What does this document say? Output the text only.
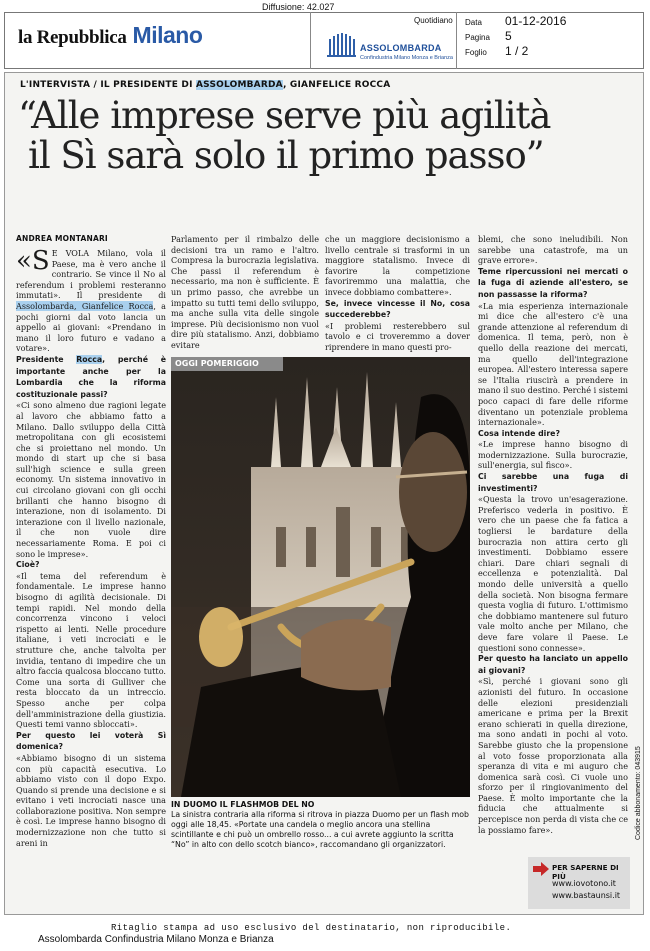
Diffusione: 42.027
la Repubblica Milano
Quotidiano
ASSOLOMBARDA
Confindustria Milano Monza e Brianza
Data 01-12-2016
Pagina 5
Foglio 1 / 2
L'INTERVISTA / IL PRESIDENTE DI ASSOLOMBARDA, GIANFELICE ROCCA
“Alle imprese serve più agilità
il Sì sarà solo il primo passo”
ANDREA MONTANARI

«S E VOLA Milano, vola il Paese, ma è vero anche il contrario. Se vince il No al referendum i problemi resteranno immutati». Il presidente di Assolombarda, Gianfelice Rocca, a pochi giorni dal voto lancia un appello ai giovani: «Prendano in mano il loro futuro e vadano a votare».

Presidente Rocca, perché è importante anche per la Lombardia che la riforma costituzionale passi?

«Ci sono almeno due ragioni legate al lavoro che abbiamo fatto a Milano. Dallo sviluppo della Città metropolitana con gli ecosistemi che si proiettano nel mondo. Un mondo di start up che si basa sull'high science e sulla green economy. Un sistema innovativo in cui circolano giovani con gli occhi brillanti che hanno bisogno di interazione, non di isolamento. Di interazione con il livello nazionale, il che non vuole dire necessariamente Roma. E poi ci sono le imprese».

Cioè?

«Il tema del referendum è fondamentale. Le imprese hanno bisogno di agilità decisionale. Di tempi rapidi. Nel mondo della concorrenza vincono i veloci rispetto ai lenti. Nelle procedure italiane, i veti incrociati e le strutture che, anche talvolta per invidia, tentano di impedire che un altro faccia qualcosa bloccano tutto. Come una sorta di Gulliver che resta bloccato da un intreccio. Spesso anche per colpa dell'amministrazione della giustizia. Questi temi vanno sbloccati».

Per questo lei voterà Sì domenica?

«Abbiamo bisogno di un sistema con più capacità esecutiva. Lo abbiamo visto con il dopo Expo. Quando si prende una decisione e si evitano i veti incrociati nasce una collaborazione positiva. Non sempre è così. Le imprese hanno bisogno di modernizzazione non che tutto si areni in

Parlamento per il rimbalzo delle decisioni tra un ramo e l'altro. Compresa la burocrazia legislativa. Che passi il referendum è necessario, ma non è sufficiente. È un primo passo, che avrebbe un impatto su tutti temi dello sviluppo, ma anche sulla vita delle singole imprese. Più decisionismo non vuol dire più statalismo. Anzi, dobbiamo evitare

che un maggiore decisionismo a livello centrale si trasformi in un maggiore statalismo. Invece di favorire la competizione favoriremmo una malattia, che invece dobbiamo combattere».

Se, invece vincesse il No, cosa succederebbe?

«I problemi resterebbero sul tavolo e ci troveremmo a dover riprendere in mano questi pro-

blemi, che sono ineludibili. Non sarebbe una catastrofe, ma un grave errore».

Teme ripercussioni nei mercati o la fuga di aziende all'estero, se non passasse la riforma?

«La mia esperienza internazionale mi dice che all'estero c'è una grande attenzione al referendum di domenica. Il tema, però, non è quello della reazione dei mercati, ma quello dell'integrazione europea. All'estero interessa sapere se l'Italia riuscirà a prendere in mano il suo destino. Perché i sistemi poco capaci di fare delle riforme diventano un potenziale problema internazionale».

Cosa intende dire?

«Le imprese hanno bisogno di modernizzazione. Sulla burocrazie, sull'energia, sul fisco».

Ci sarebbe una fuga di investimenti?

«Questa la trovo un'esagerazione. Preferisco vederla in positivo. È vero che un paese che fa fatica a togliersi le bardature della burocrazia non attira certo gli investimenti. Dobbiamo essere chiari. Dare chiari segnali di eccellenza e potenzialità. Dal mondo delle università a quello della società. Non bisogna fermare questa voglia di futuro. L'ottimismo che dobbiamo mantenere sul futuro vale molto anche per Milano, che deve fare volare il Paese. Le questioni sono connesse».

Per questo ha lanciato un appello ai giovani?

«Sì, perché i giovani sono gli azionisti del futuro. In occasione delle elezioni presidenziali americane e prima per la Brexit erano schierati in quella direzione, ma sono andati in pochi al voto. Sarebbe giusto che la propensione al voto fosse proporzionata alla speranza di vita e mi auguro che domenica sarà così. Ci vuole uno sforzo per il ringiovanimento del Paese. È molto importante che la fiducia che attualmente si percepisce non perda di vista che ce la possiamo fare».

OGGI POMERIGGIO
IN DUOMO IL FLASHMOB DEL NO
La sinistra contraria alla riforma si ritrova in piazza Duomo per un flash mob oggi alle 18,45. «Portate una candela o meglio ancora una stellina scintillante e chi può un ombrello rosso... a cui avrete aggiunto la scritta “No” in alto con dello scotch bianco», raccomandano gli organizzatori.
PER SAPERNE DI PIÙ
www.iovotono.it
www.bastaunsi.it
Codice abbonamento: 043915
Ritaglio stampa ad uso esclusivo del destinatario, non riproducibile.
Assolombarda Confindustria Milano Monza e Brianza
